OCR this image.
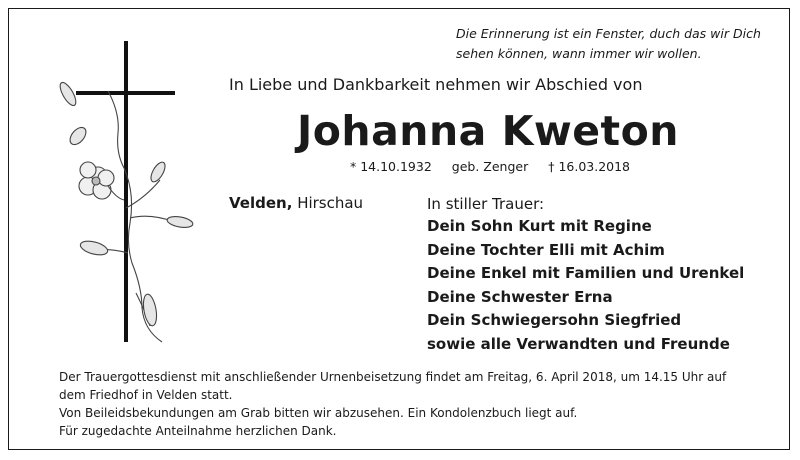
Die Erinnerung ist ein Fenster, duch das wir Dich
sehen können, wann immer wir wollen.
In Liebe und Dankbarkeit nehmen wir Abschied von
Johanna Kweton
* 14.10.1932 geb. Zenger † 16.03.2018
Velden, Hirschau	In stiller Trauer:
Dein Sohn Kurt mit Regine
Deine Tochter Elli mit Achim
Deine Enkel mit Familien und Urenkel
Deine Schwester Erna
Dein Schwiegersohn Siegfried
sowie alle Verwandten und Freunde
Der Trauergottesdienst mit anschließender Urnenbeisetzung findet am Freitag, 6. April 2018, um 14.15 Uhr auf
dem Friedhof in Velden statt.
Von Beileidsbekundungen am Grab bitten wir abzusehen. Ein Kondolenzbuch liegt auf.
Für zugedachte Anteilnahme herzlichen Dank.
